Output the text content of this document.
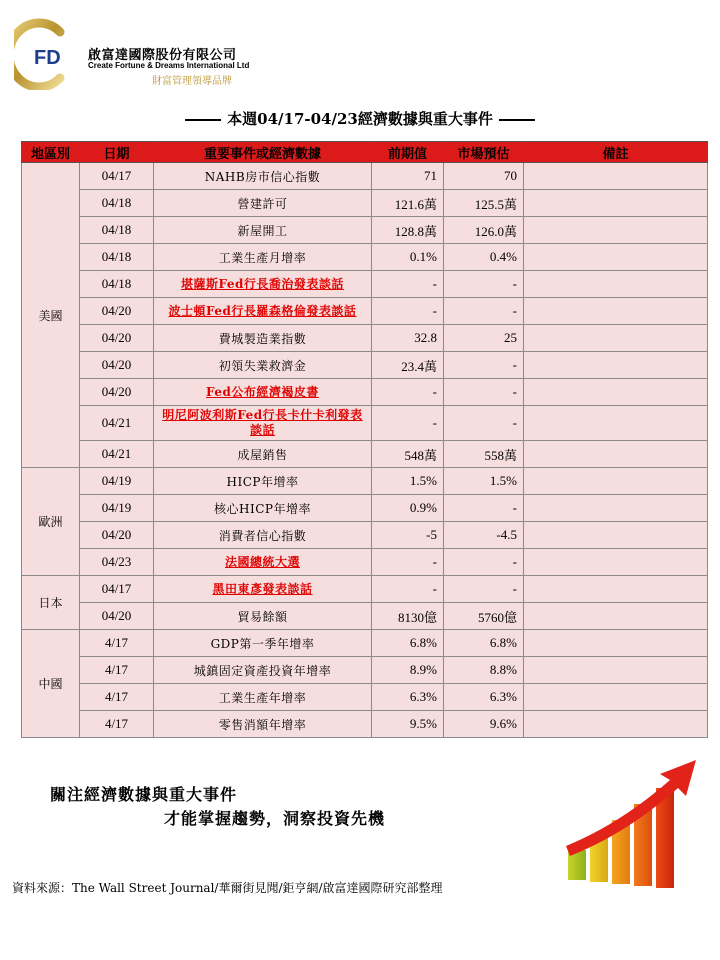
FD 啟富達國際股份有限公司
Create Fortune & Dreams International Ltd
財富管理領導品牌
本週04/17-04/23經濟數據與重大事件
地區別	日期	重要事件或經濟數據	前期值	市場預估	備註
美國	04/17	NAHB房市信心指數	71	70	
	04/18	營建許可	121.6萬	125.5萬	
	04/18	新屋開工	128.8萬	126.0萬	
	04/18	工業生產月增率	0.1%	0.4%	
	04/18	堪薩斯Fed行長喬治發表談話	-	-	
	04/20	波士頓Fed行長羅森格倫發表談話	-	-	
	04/20	費城製造業指數	32.8	25	
	04/20	初領失業救濟金	23.4萬	-	
	04/20	Fed公布經濟褐皮書	-	-	
	04/21	明尼阿波利斯Fed行長卡什卡利發表談話	-	-	
	04/21	成屋銷售	548萬	558萬	
歐洲	04/19	HICP年增率	1.5%	1.5%	
	04/19	核心HICP年增率	0.9%	-	
	04/20	消費者信心指數	-5	-4.5	
	04/23	法國總統大選	-	-	
日本	04/17	黑田東彥發表談話	-	-	
	04/20	貿易餘額	8130億	5760億	
中國	4/17	GDP第一季年增率	6.8%	6.8%	
	4/17	城鎮固定資產投資年增率	8.9%	8.8%	
	4/17	工業生產年增率	6.3%	6.3%	
	4/17	零售消額年增率	9.5%	9.6%	
關注經濟數據與重大事件
才能掌握趨勢，洞察投資先機
資料來源：The Wall Street Journal/華爾街見聞/鉅亨網/啟富達國際研究部整理
